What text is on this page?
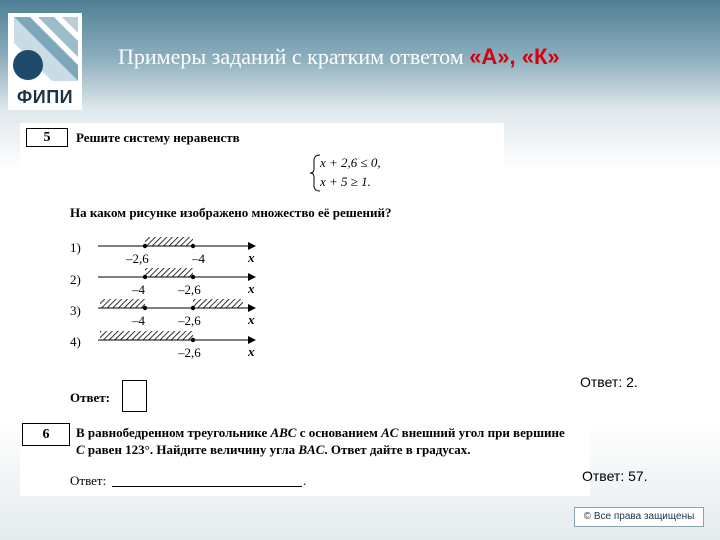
ФИПИ
Примеры заданий с кратким ответом «А», «К»
5	Решите систему неравенств
x + 2,6 ≤ 0,
x + 5 ≥ 1.
На каком рисунке изображено множество её решений?
1)
2)
3)
4)
–2,6	–4
–4	–2,6
–4	–2,6
–2,6
x
x
x
x
Ответ:
Ответ: 2.
6	В равнобедренном треугольнике ABC с основанием AC внешний угол при вершине
C равен 123°. Найдите величину угла BAC. Ответ дайте в градусах.
Ответ:	.	Ответ: 57.
© Все права защищены
